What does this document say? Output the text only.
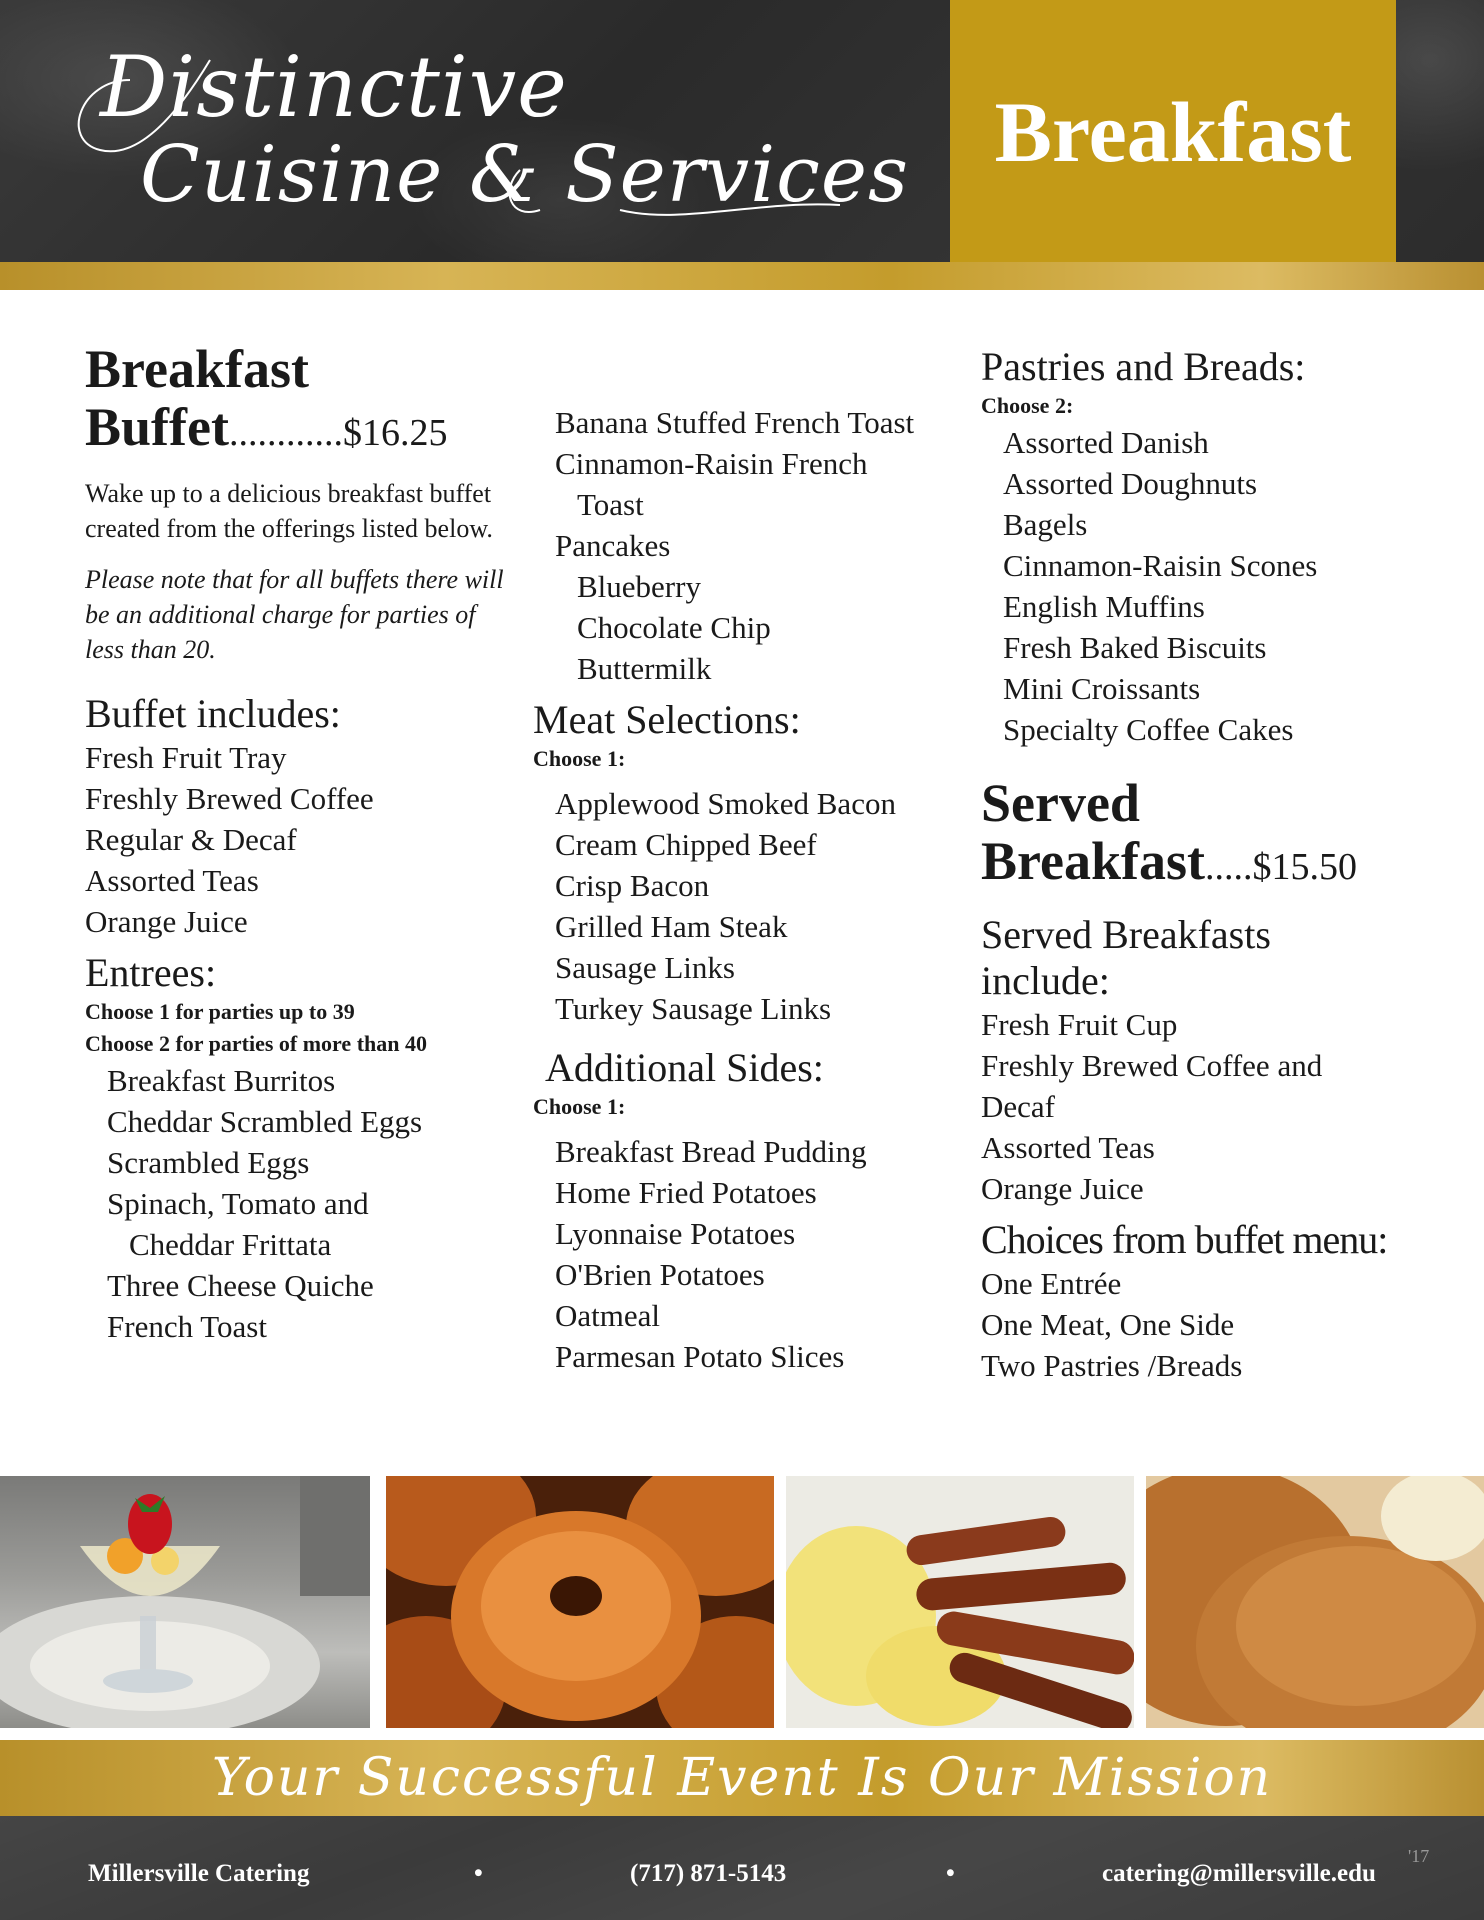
Distinctive
Cuisine & Services Breakfast
Breakfast
Buffet............$16.25
Wake up to a delicious breakfast buffet created from the offerings listed below.
Please note that for all buffets there will be an additional charge for parties of less than 20.
Buffet includes:
Fresh Fruit Tray
Freshly Brewed Coffee
Regular & Decaf
Assorted Teas
Orange Juice
Entrees:
Choose 1 for parties up to 39
Choose 2 for parties of more than 40
Breakfast Burritos
Cheddar Scrambled Eggs
Scrambled Eggs
Spinach, Tomato and
Cheddar Frittata
Three Cheese Quiche
French Toast
Banana Stuffed French Toast
Cinnamon-Raisin French
Toast
Pancakes
Blueberry
Chocolate Chip
Buttermilk
Meat Selections:
Choose 1:
Applewood Smoked Bacon
Cream Chipped Beef
Crisp Bacon
Grilled Ham Steak
Sausage Links
Turkey Sausage Links
Additional Sides:
Choose 1:
Breakfast Bread Pudding
Home Fried Potatoes
Lyonnaise Potatoes
O'Brien Potatoes
Oatmeal
Parmesan Potato Slices
Pastries and Breads:
Choose 2:
Assorted Danish
Assorted Doughnuts
Bagels
Cinnamon-Raisin Scones
English Muffins
Fresh Baked Biscuits
Mini Croissants
Specialty Coffee Cakes
Served
Breakfast.....$15.50
Served Breakfasts include:
Fresh Fruit Cup
Freshly Brewed Coffee and
Decaf
Assorted Teas
Orange Juice
Choices from buffet menu:
One Entrée
One Meat, One Side
Two Pastries /Breads
Your Successful Event Is Our Mission
Millersville Catering	•	(717) 871-5143	•	catering@millersville.edu
'17
